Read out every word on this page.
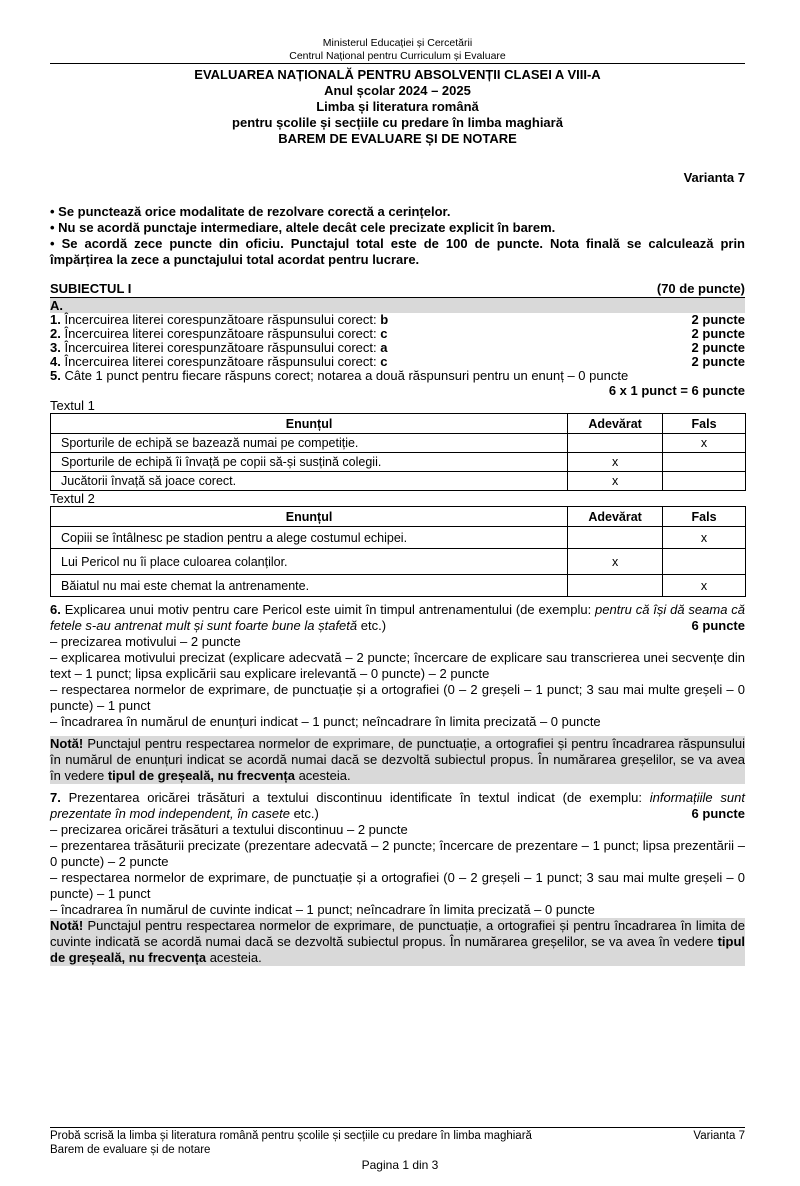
Ministerul Educației și Cercetării
Centrul Național pentru Curriculum și Evaluare
EVALUAREA NAȚIONALĂ PENTRU ABSOLVENȚII CLASEI A VIII-A
Anul școlar 2024 – 2025
Limba și literatura română
pentru școlile și secțiile cu predare în limba maghiară
BAREM DE EVALUARE ȘI DE NOTARE
Varianta 7
• Se punctează orice modalitate de rezolvare corectă a cerințelor.
• Nu se acordă punctaje intermediare, altele decât cele precizate explicit în barem.
• Se acordă zece puncte din oficiu. Punctajul total este de 100 de puncte. Nota finală se calculează prin împărțirea la zece a punctajului total acordat pentru lucrare.
SUBIECTUL I	(70 de puncte)
A.
1. Încercuirea literei corespunzătoare răspunsului corect: b	2 puncte
2. Încercuirea literei corespunzătoare răspunsului corect: c	2 puncte
3. Încercuirea literei corespunzătoare răspunsului corect: a	2 puncte
4. Încercuirea literei corespunzătoare răspunsului corect: c	2 puncte
5. Câte 1 punct pentru fiecare răspuns corect; notarea a două răspunsuri pentru un enunț – 0 puncte
6 x 1 punct = 6 puncte
Textul 1
Enunțul	Adevărat	Fals
Sporturile de echipă se bazează numai pe competiție.		x
Sporturile de echipă îi învață pe copii să-și susțină colegii.	x	
Jucătorii învață să joace corect.	x	
Textul 2
Enunțul	Adevărat	Fals
Copiii se întâlnesc pe stadion pentru a alege costumul echipei.		x
Lui Pericol nu îi place culoarea colanților.	x	
Băiatul nu mai este chemat la antrenamente.		x
6. Explicarea unui motiv pentru care Pericol este uimit în timpul antrenamentului (de exemplu: pentru că își dă seama că fetele s-au antrenat mult și sunt foarte bune la ștafetă etc.)	6 puncte
– precizarea motivului – 2 puncte
– explicarea motivului precizat (explicare adecvată – 2 puncte; încercare de explicare sau transcrierea unei secvențe din text – 1 punct; lipsa explicării sau explicare irelevantă – 0 puncte) – 2 puncte
– respectarea normelor de exprimare, de punctuație și a ortografiei (0 – 2 greșeli – 1 punct; 3 sau mai multe greșeli – 0 puncte) – 1 punct
– încadrarea în numărul de enunțuri indicat – 1 punct; neîncadrare în limita precizată – 0 puncte
Notă! Punctajul pentru respectarea normelor de exprimare, de punctuație, a ortografiei și pentru încadrarea răspunsului în numărul de enunțuri indicat se acordă numai dacă se dezvoltă subiectul propus. În numărarea greșelilor, se va avea în vedere tipul de greșeală, nu frecvența acesteia.
7. Prezentarea oricărei trăsături a textului discontinuu identificate în textul indicat (de exemplu: informațiile sunt prezentate în mod independent, în casete etc.)	6 puncte
– precizarea oricărei trăsături a textului discontinuu – 2 puncte
– prezentarea trăsăturii precizate (prezentare adecvată – 2 puncte; încercare de prezentare – 1 punct; lipsa prezentării – 0 puncte) – 2 puncte
– respectarea normelor de exprimare, de punctuație și a ortografiei (0 – 2 greșeli – 1 punct; 3 sau mai multe greșeli – 0 puncte) – 1 punct
– încadrarea în numărul de cuvinte indicat – 1 punct; neîncadrare în limita precizată – 0 puncte
Notă! Punctajul pentru respectarea normelor de exprimare, de punctuație, a ortografiei și pentru încadrarea în limita de cuvinte indicată se acordă numai dacă se dezvoltă subiectul propus. În numărarea greșelilor, se va avea în vedere tipul de greșeală, nu frecvența acesteia.
Probă scrisă la limba și literatura română pentru școlile și secțiile cu predare în limba maghiară	Varianta 7
Barem de evaluare și de notare
Pagina 1 din 3
